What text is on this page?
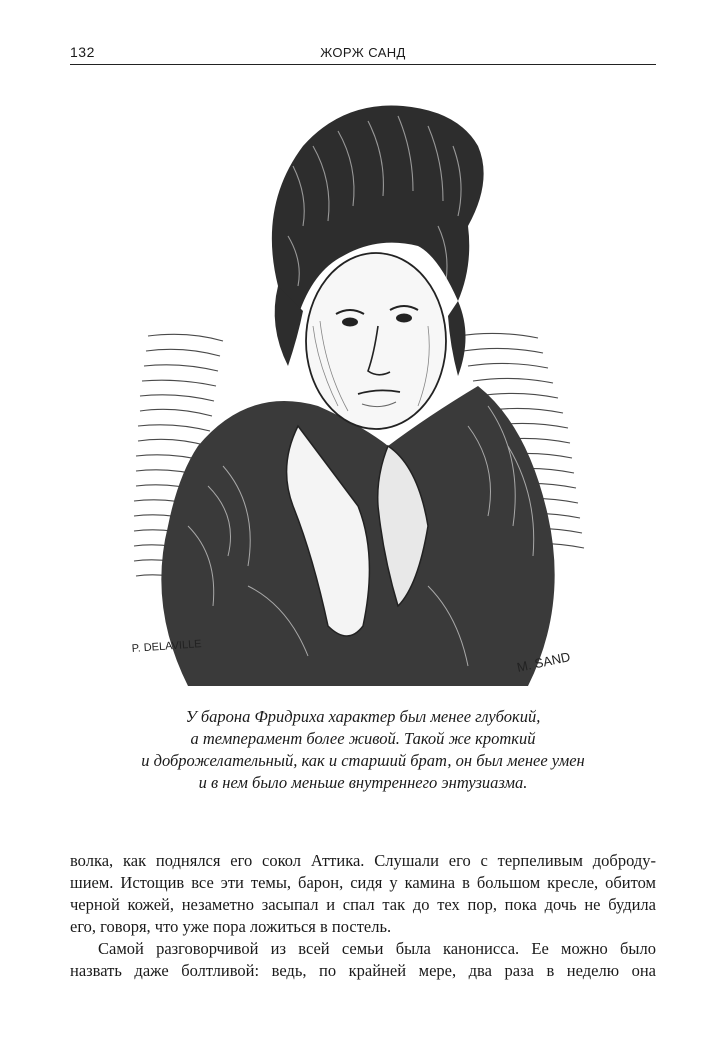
132	ЖОРЖ САНД
P. DELAVILLE
M. SAND
У барона Фридриха характер был менее глубокий,
а темперамент более живой. Такой же кроткий
и доброжелательный, как и старший брат, он был менее умен
и в нем было меньше внутреннего энтузиазма.
волка, как поднялся его сокол Аттика. Слушали его с терпеливым доброду-
шием. Истощив все эти темы, барон, сидя у камина в большом кресле, обитом
черной кожей, незаметно засыпал и спал так до тех пор, пока дочь не будила
его, говоря, что уже пора ложиться в постель.
Самой разговорчивой из всей семьи была канонисса. Ее можно было
назвать даже болтливой: ведь, по крайней мере, два раза в неделю она
